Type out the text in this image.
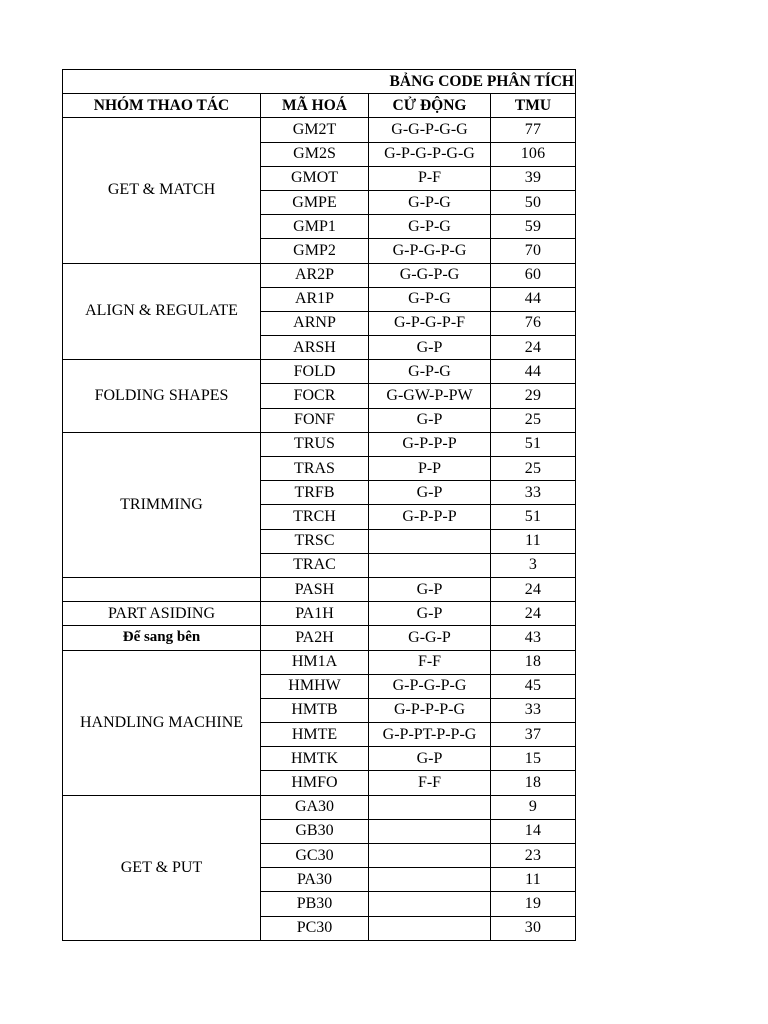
BẢNG CODE PHÂN TÍCH			
NHÓM THAO TÁC	MÃ HOÁ	CỬ ĐỘNG	TMU
GET & MATCH	GM2T	G-G-P-G-G	77
	GM2S	G-P-G-P-G-G	106
	GMOT	P-F	39
	GMPE	G-P-G	50
	GMP1	G-P-G	59
	GMP2	G-P-G-P-G	70
ALIGN & REGULATE	AR2P	G-G-P-G	60
	AR1P	G-P-G	44
	ARNP	G-P-G-P-F	76
	ARSH	G-P	24
FOLDING SHAPES	FOLD	G-P-G	44
	FOCR	G-GW-P-PW	29
	FONF	G-P	25
TRIMMING	TRUS	G-P-P-P	51
	TRAS	P-P	25
	TRFB	G-P	33
	TRCH	G-P-P-P	51
	TRSC		11
	TRAC		3
	PASH	G-P	24
PART ASIDING	PA1H	G-P	24
Để sang bên	PA2H	G-G-P	43
HANDLING MACHINE	HM1A	F-F	18
	HMHW	G-P-G-P-G	45
	HMTB	G-P-P-P-G	33
	HMTE	G-P-PT-P-P-G	37
	HMTK	G-P	15
	HMFO	F-F	18
GET & PUT	GA30		9
	GB30		14
	GC30		23
	PA30		11
	PB30		19
	PC30		30
